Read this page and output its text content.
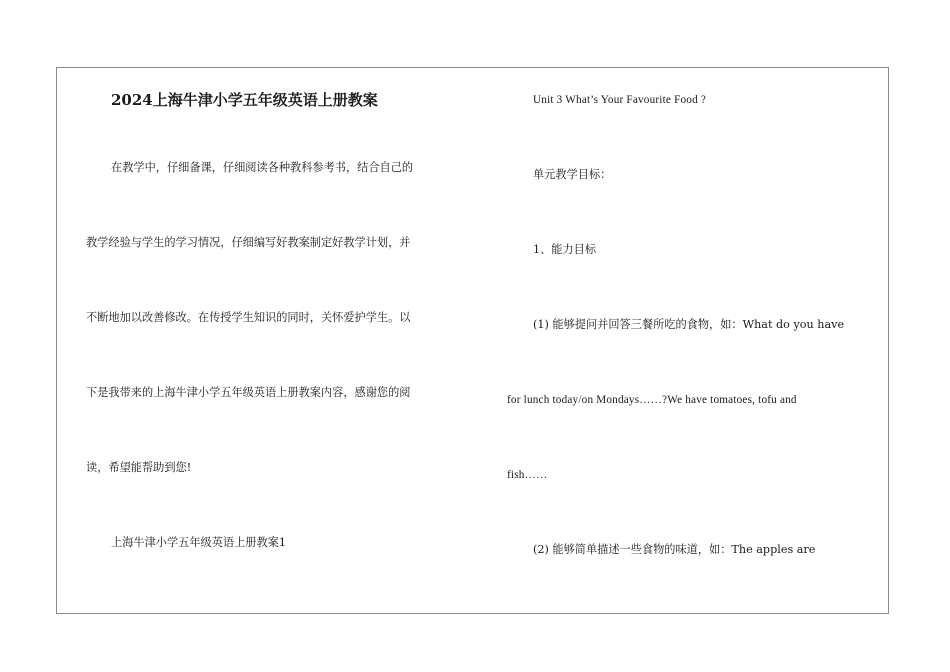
2024上海牛津小学五年级英语上册教案
在教学中，仔细备课，仔细阅读各种教科参考书，结合自己的
教学经验与学生的学习情况，仔细编写好教案制定好教学计划，并
不断地加以改善修改。在传授学生知识的同时，关怀爱护学生。以
下是我带来的上海牛津小学五年级英语上册教案内容，感谢您的阅
读，希望能帮助到您!
上海牛津小学五年级英语上册教案1
Unit 3 What’s Your Favourite Food ?
单元教学目标：
1、能力目标
(1) 能够提问并回答三餐所吃的食物，如：What do you have
for lunch today/on Mondays……?We have tomatoes, tofu and
fish……
(2) 能够简单描述一些食物的味道，如：The apples are
